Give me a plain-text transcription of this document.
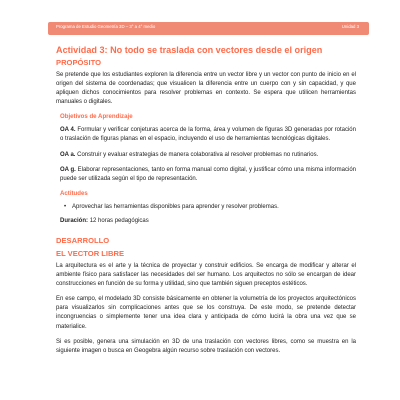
Programa de Estudio Geometría 3D – 3° a 4° medio	Unidad 3
Actividad 3: No todo se traslada con vectores desde el origen
PROPÓSITO

Se pretende que los estudiantes exploren la diferencia entre un vector libre y un vector con punto de inicio en el origen del sistema de coordenadas; que visualicen la diferencia entre un cuerpo con y sin capacidad, y que apliquen dichos conocimientos para resolver problemas en contexto. Se espera que utilicen herramientas manuales o digitales.

Objetivos de Aprendizaje

OA 4. Formular y verificar conjeturas acerca de la forma, área y volumen de figuras 3D generadas por rotación o traslación de figuras planas en el espacio, incluyendo el uso de herramientas tecnológicas digitales.

OA a. Construir y evaluar estrategias de manera colaborativa al resolver problemas no rutinarios.

OA g. Elaborar representaciones, tanto en forma manual como digital, y justificar cómo una misma información puede ser utilizada según el tipo de representación.

Actitudes
• Aprovechar las herramientas disponibles para aprender y resolver problemas.

Duración: 12 horas pedagógicas

DESARROLLO
EL VECTOR LIBRE

La arquitectura es el arte y la técnica de proyectar y construir edificios. Se encarga de modificar y alterar el ambiente físico para satisfacer las necesidades del ser humano. Los arquitectos no sólo se encargan de idear construcciones en función de su forma y utilidad, sino que también siguen preceptos estéticos.

En ese campo, el modelado 3D consiste básicamente en obtener la volumetría de los proyectos arquitectónicos para visualizarlos sin complicaciones antes que se los construya. De este modo, se pretende detectar incongruencias o simplemente tener una idea clara y anticipada de cómo lucirá la obra una vez que se materialice.

Si es posible, genera una simulación en 3D de una traslación con vectores libres, como se muestra en la siguiente imagen o busca en Geogebra algún recurso sobre traslación con vectores.
